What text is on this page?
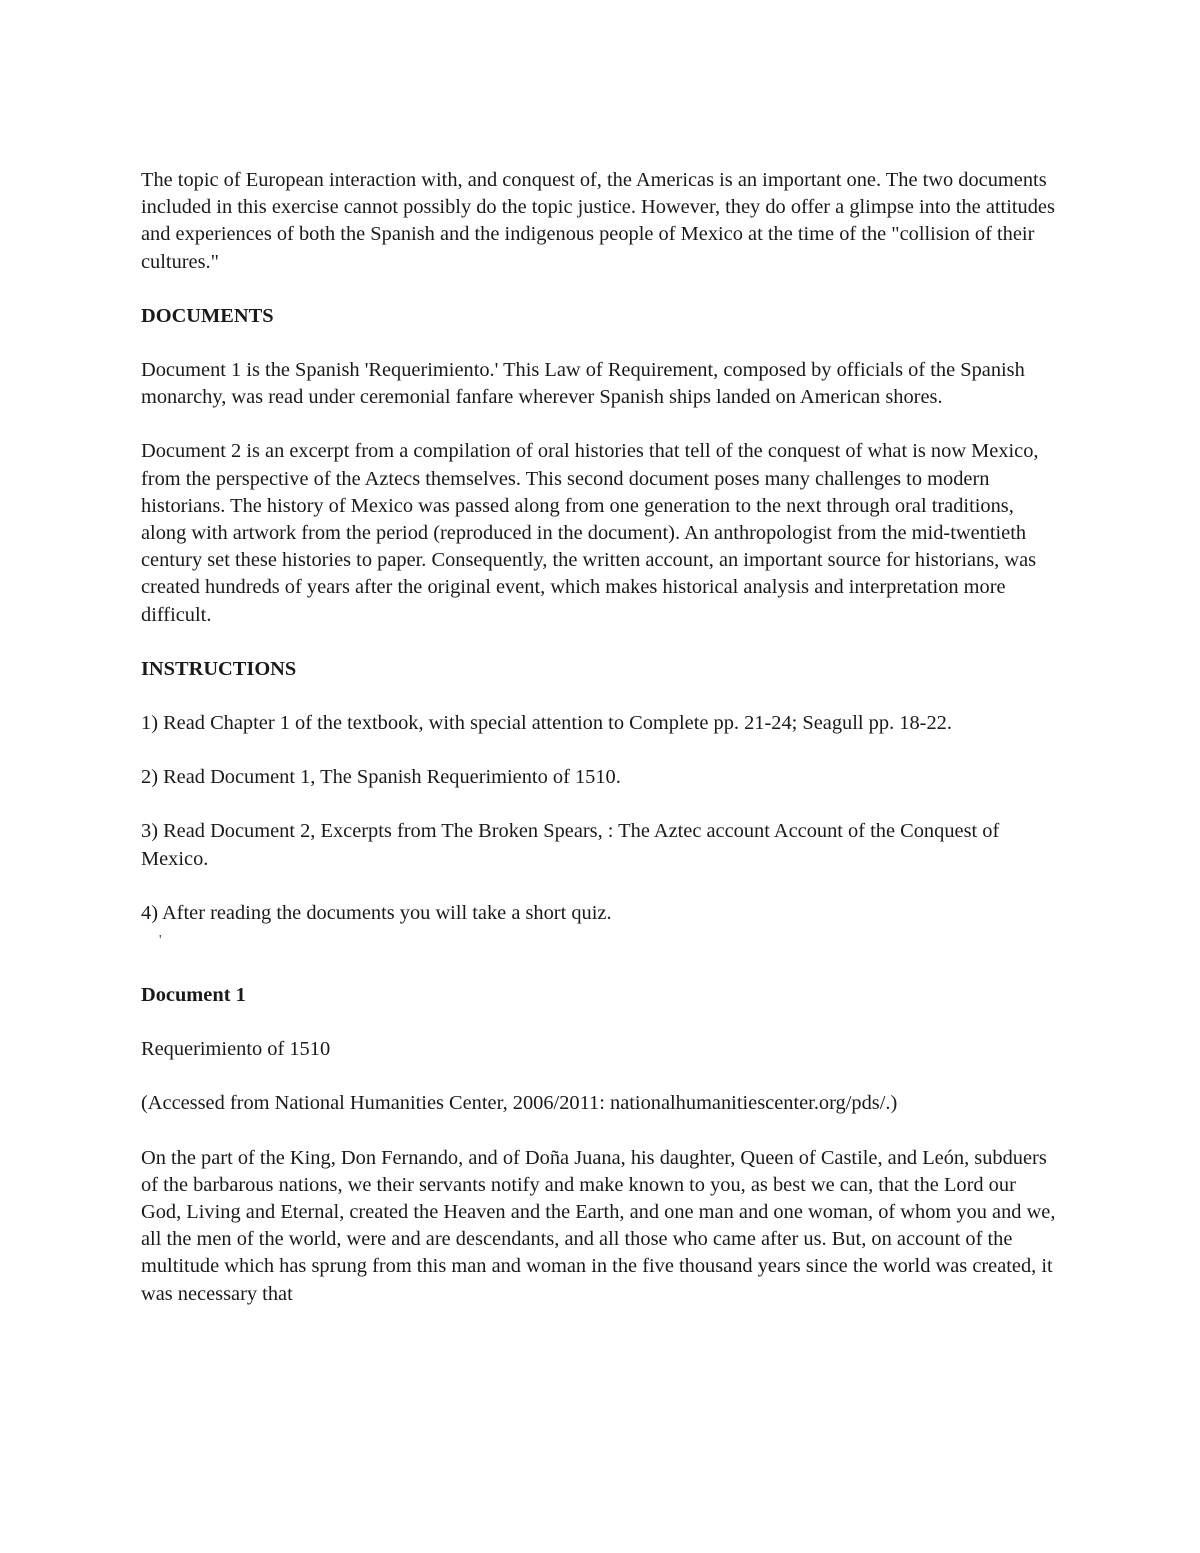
The topic of European interaction with, and conquest of, the Americas is an important one. The two documents included in this exercise cannot possibly do the topic justice. However, they do offer a glimpse into the attitudes and experiences of both the Spanish and the indigenous people of Mexico at the time of the "collision of their cultures."

DOCUMENTS

Document 1 is the Spanish 'Requerimiento.' This Law of Requirement, composed by officials of the Spanish monarchy, was read under ceremonial fanfare wherever Spanish ships landed on American shores.

Document 2 is an excerpt from a compilation of oral histories that tell of the conquest of what is now Mexico, from the perspective of the Aztecs themselves. This second document poses many challenges to modern historians. The history of Mexico was passed along from one generation to the next through oral traditions, along with artwork from the period (reproduced in the document). An anthropologist from the mid-twentieth century set these histories to paper. Consequently, the written account, an important source for historians, was created hundreds of years after the original event, which makes historical analysis and interpretation more difficult.

INSTRUCTIONS

1) Read Chapter 1 of the textbook, with special attention to Complete pp. 21-24; Seagull pp. 18-22.

2) Read Document 1, The Spanish Requerimiento of 1510.

3) Read Document 2, Excerpts from The Broken Spears, : The Aztec account Account of the Conquest of Mexico.

4) After reading the documents you will take a short quiz.

'

Document 1

Requerimiento of 1510

(Accessed from National Humanities Center, 2006/2011: nationalhumanitiescenter.org/pds/.)

On the part of the King, Don Fernando, and of Doña Juana, his daughter, Queen of Castile, and León, subduers of the barbarous nations, we their servants notify and make known to you, as best we can, that the Lord our God, Living and Eternal, created the Heaven and the Earth, and one man and one woman, of whom you and we, all the men of the world, were and are descendants, and all those who came after us. But, on account of the multitude which has sprung from this man and woman in the five thousand years since the world was created, it was necessary that
